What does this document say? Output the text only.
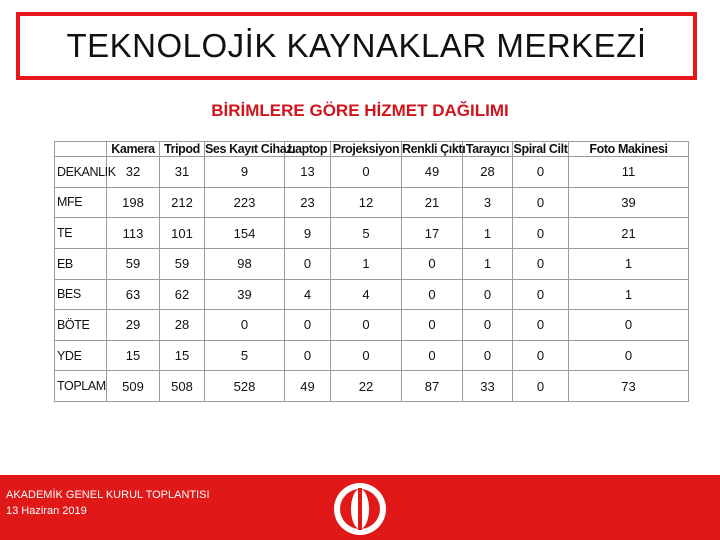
TEKNOLOJİK KAYNAKLAR MERKEZİ
BİRİMLERE GÖRE HİZMET DAĞILIMI
	Kamera	Tripod	Ses Kayıt Cihazı	Laptop	Projeksiyon	Renkli Çıktı	Tarayıcı	Spiral Cilt	Foto Makinesi
DEKANLIK	32	31	9	13	0	49	28	0	11
MFE	198	212	223	23	12	21	3	0	39
TE	113	101	154	9	5	17	1	0	21
EB	59	59	98	0	1	0	1	0	1
BES	63	62	39	4	4	0	0	0	1
BÖTE	29	28	0	0	0	0	0	0	0
YDE	15	15	5	0	0	0	0	0	0
TOPLAM	509	508	528	49	22	87	33	0	73
AKADEMİK GENEL KURUL TOPLANTISI
13 Haziran 2019
